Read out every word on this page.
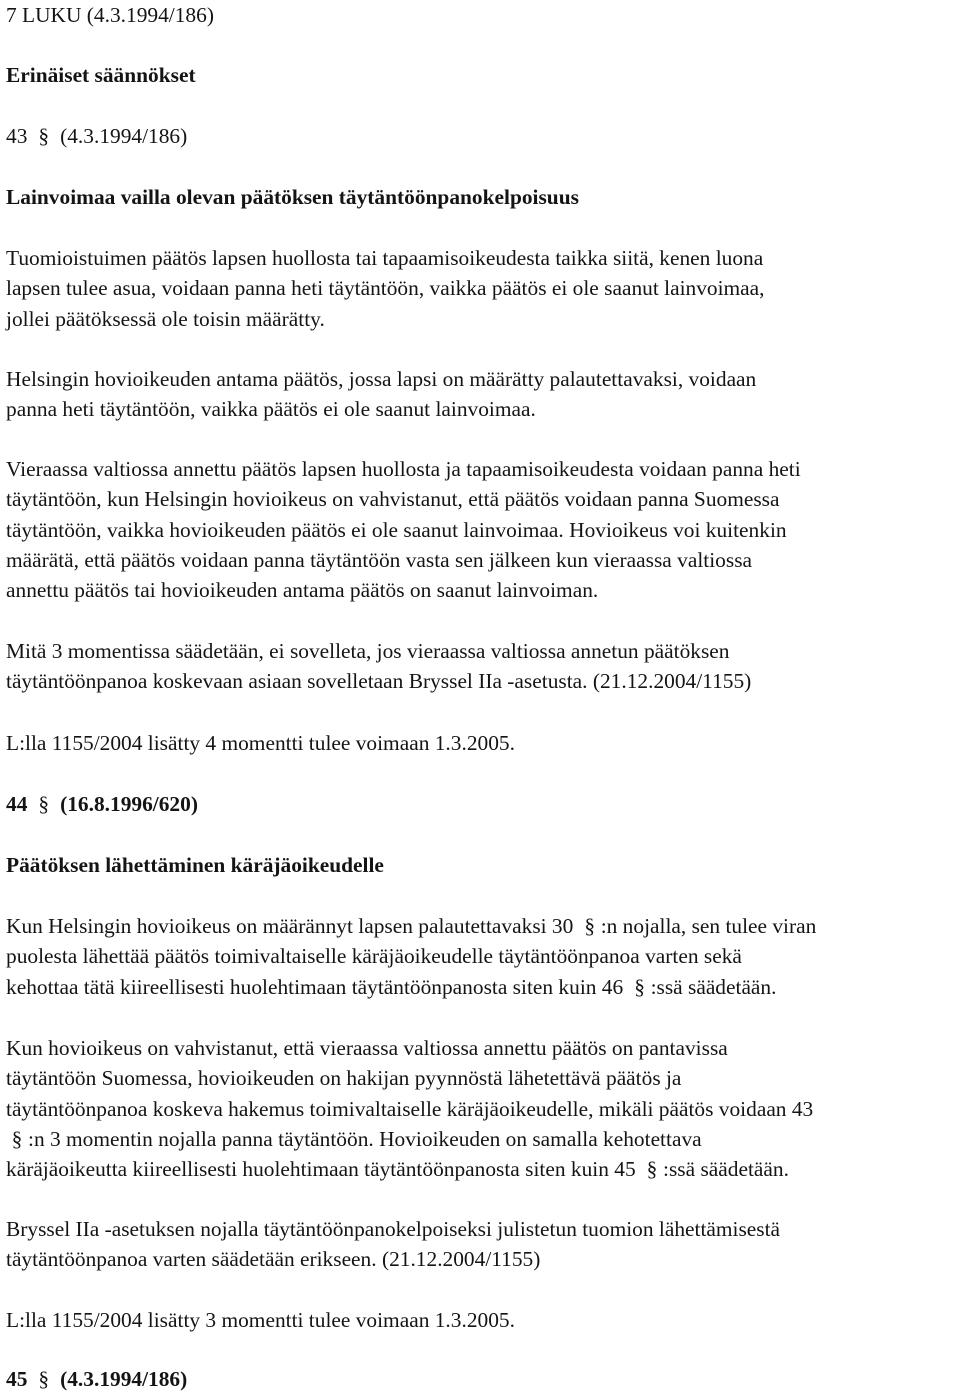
7 LUKU (4.3.1994/186)
Erinäiset säännökset
43 § (4.3.1994/186)
Lainvoimaa vailla olevan päätöksen täytäntöönpanokelpoisuus
Tuomioistuimen päätös lapsen huollosta tai tapaamisoikeudesta taikka siitä, kenen luona
lapsen tulee asua, voidaan panna heti täytäntöön, vaikka päätös ei ole saanut lainvoimaa,
jollei päätöksessä ole toisin määrätty.
Helsingin hovioikeuden antama päätös, jossa lapsi on määrätty palautettavaksi, voidaan
panna heti täytäntöön, vaikka päätös ei ole saanut lainvoimaa.
Vieraassa valtiossa annettu päätös lapsen huollosta ja tapaamisoikeudesta voidaan panna heti
täytäntöön, kun Helsingin hovioikeus on vahvistanut, että päätös voidaan panna Suomessa
täytäntöön, vaikka hovioikeuden päätös ei ole saanut lainvoimaa. Hovioikeus voi kuitenkin
määrätä, että päätös voidaan panna täytäntöön vasta sen jälkeen kun vieraassa valtiossa
annettu päätös tai hovioikeuden antama päätös on saanut lainvoiman.
Mitä 3 momentissa säädetään, ei sovelleta, jos vieraassa valtiossa annetun päätöksen
täytäntöönpanoa koskevaan asiaan sovelletaan Bryssel IIa -asetusta. (21.12.2004/1155)
L:lla 1155/2004 lisätty 4 momentti tulee voimaan 1.3.2005.
44 § (16.8.1996/620)
Päätöksen lähettäminen käräjäoikeudelle
Kun Helsingin hovioikeus on määrännyt lapsen palautettavaksi 30 § :n nojalla, sen tulee viran
puolesta lähettää päätös toimivaltaiselle käräjäoikeudelle täytäntöönpanoa varten sekä
kehottaa tätä kiireellisesti huolehtimaan täytäntöönpanosta siten kuin 46 § :ssä säädetään.
Kun hovioikeus on vahvistanut, että vieraassa valtiossa annettu päätös on pantavissa
täytäntöön Suomessa, hovioikeuden on hakijan pyynnöstä lähetettävä päätös ja
täytäntöönpanoa koskeva hakemus toimivaltaiselle käräjäoikeudelle, mikäli päätös voidaan 43
§ :n 3 momentin nojalla panna täytäntöön. Hovioikeuden on samalla kehotettava
käräjäoikeutta kiireellisesti huolehtimaan täytäntöönpanosta siten kuin 45 § :ssä säädetään.
Bryssel IIa -asetuksen nojalla täytäntöönpanokelpoiseksi julistetun tuomion lähettämisestä
täytäntöönpanoa varten säädetään erikseen. (21.12.2004/1155)
L:lla 1155/2004 lisätty 3 momentti tulee voimaan 1.3.2005.
45 § (4.3.1994/186)
